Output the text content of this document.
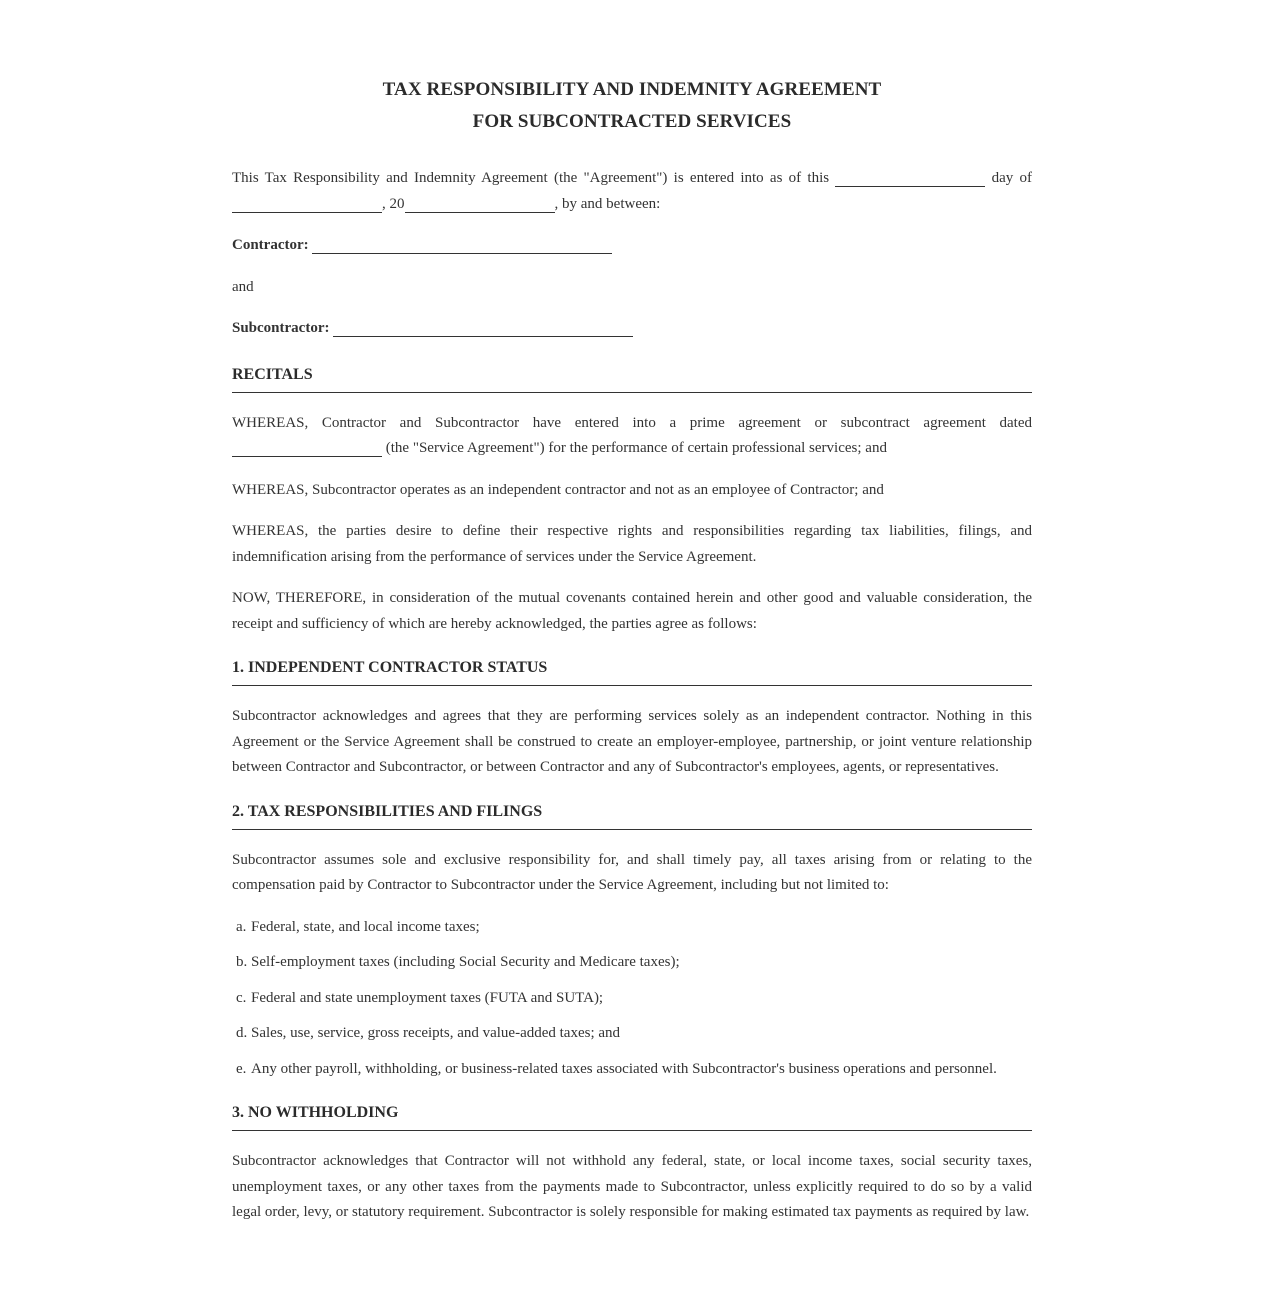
TAX RESPONSIBILITY AND INDEMNITY AGREEMENT
FOR SUBCONTRACTED SERVICES

This Tax Responsibility and Indemnity Agreement (the "Agreement") is entered into as of this	day of , 20	, by and between:

Contractor:

and

Subcontractor:

RECITALS

WHEREAS, Contractor and Subcontractor have entered into a prime agreement or subcontract agreement dated  (the "Service Agreement") for the performance of certain professional services; and

WHEREAS, Subcontractor operates as an independent contractor and not as an employee of Contractor; and

WHEREAS, the parties desire to define their respective rights and responsibilities regarding tax liabilities, filings, and indemnification arising from the performance of services under the Service Agreement.

NOW, THEREFORE, in consideration of the mutual covenants contained herein and other good and valuable consideration, the receipt and sufficiency of which are hereby acknowledged, the parties agree as follows:

1. INDEPENDENT CONTRACTOR STATUS

Subcontractor acknowledges and agrees that they are performing services solely as an independent contractor. Nothing in this Agreement or the Service Agreement shall be construed to create an employer-employee, partnership, or joint venture relationship between Contractor and Subcontractor, or between Contractor and any of Subcontractor's employees, agents, or representatives.

2. TAX RESPONSIBILITIES AND FILINGS

Subcontractor assumes sole and exclusive responsibility for, and shall timely pay, all taxes arising from or relating to the compensation paid by Contractor to Subcontractor under the Service Agreement, including but not limited to:

a. Federal, state, and local income taxes;
b. Self-employment taxes (including Social Security and Medicare taxes);
c. Federal and state unemployment taxes (FUTA and SUTA);
d. Sales, use, service, gross receipts, and value-added taxes; and
e. Any other payroll, withholding, or business-related taxes associated with Subcontractor's business operations and personnel.
3. NO WITHHOLDING

Subcontractor acknowledges that Contractor will not withhold any federal, state, or local income taxes, social security taxes, unemployment taxes, or any other taxes from the payments made to Subcontractor, unless explicitly required to do so by a valid legal order, levy, or statutory requirement. Subcontractor is solely responsible for making estimated tax payments as required by law.
